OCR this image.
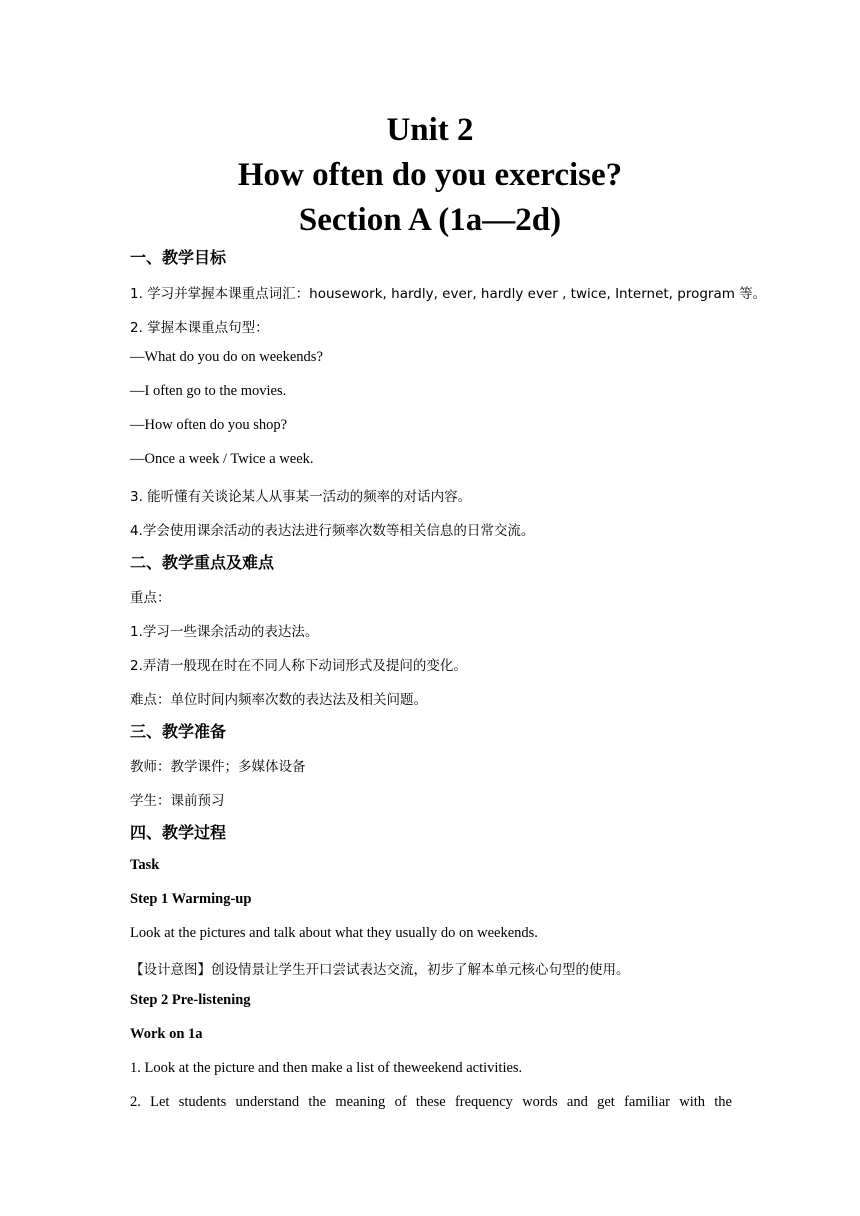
Unit 2
How often do you exercise?
Section A (1a—2d)
一、教学目标
1. 学习并掌握本课重点词汇：housework, hardly, ever, hardly ever , twice, Internet, program 等。
2. 掌握本课重点句型：
—What do you do on weekends?
—I often go to the movies.
—How often do you shop?
—Once a week / Twice a week.
3. 能听懂有关谈论某人从事某一活动的频率的对话内容。
4.学会使用课余活动的表达法进行频率次数等相关信息的日常交流。
二、教学重点及难点
重点：
1.学习一些课余活动的表达法。
2.弄清一般现在时在不同人称下动词形式及提问的变化。
难点：单位时间内频率次数的表达法及相关问题。
三、教学准备
教师：教学课件；多媒体设备
学生：课前预习
四、教学过程
Task
Step 1 Warming-up
Look at the pictures and talk about what they usually do on weekends.
【设计意图】创设情景让学生开口尝试表达交流，初步了解本单元核心句型的使用。
Step 2 Pre-listening
Work on 1a
1. Look at the picture and then make a list of theweekend activities.
2. Let students understand the meaning of these frequency words and get familiar with the
